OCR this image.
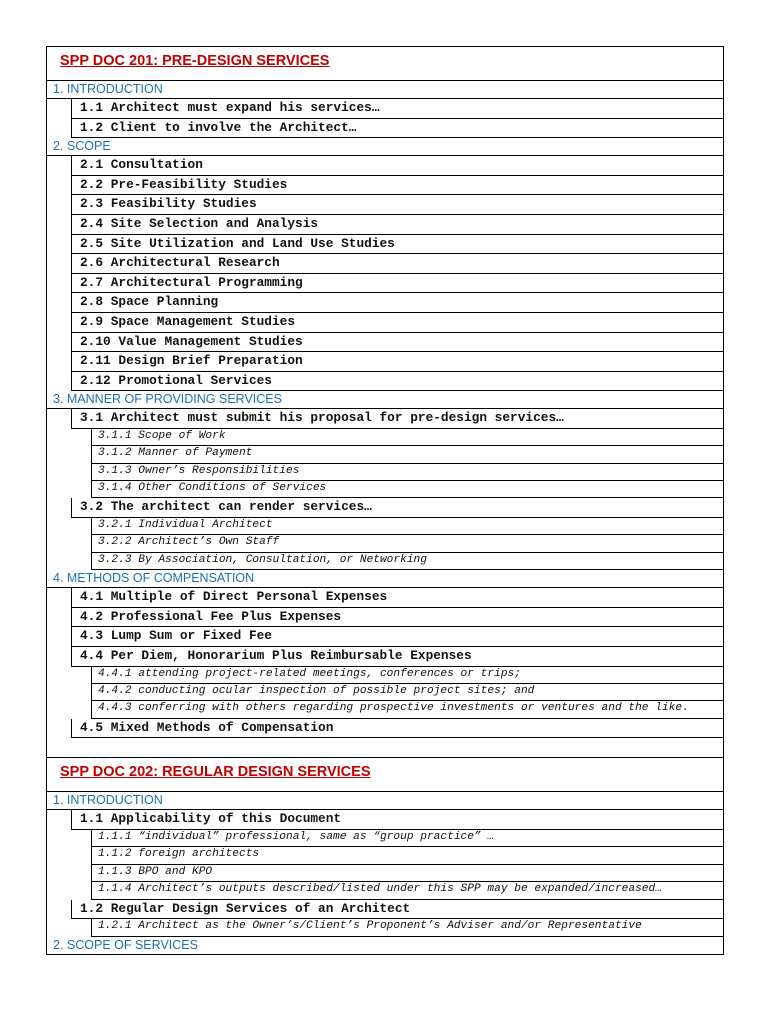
SPP DOC 201: PRE-DESIGN SERVICES
1. INTRODUCTION
1.1 Architect must expand his services…
1.2 Client to involve the Architect…
2. SCOPE
2.1 Consultation
2.2 Pre-Feasibility Studies
2.3 Feasibility Studies
2.4 Site Selection and Analysis
2.5 Site Utilization and Land Use Studies
2.6 Architectural Research
2.7 Architectural Programming
2.8 Space Planning
2.9 Space Management Studies
2.10 Value Management Studies
2.11 Design Brief Preparation
2.12 Promotional Services
3. MANNER OF PROVIDING SERVICES
3.1 Architect must submit his proposal for pre-design services…
3.1.1 Scope of Work
3.1.2 Manner of Payment
3.1.3 Owner’s Responsibilities
3.1.4 Other Conditions of Services
3.2 The architect can render services…
3.2.1 Individual Architect
3.2.2 Architect’s Own Staff
3.2.3 By Association, Consultation, or Networking
4. METHODS OF COMPENSATION
4.1 Multiple of Direct Personal Expenses
4.2 Professional Fee Plus Expenses
4.3 Lump Sum or Fixed Fee
4.4 Per Diem, Honorarium Plus Reimbursable Expenses
4.4.1 attending project-related meetings, conferences or trips;
4.4.2 conducting ocular inspection of possible project sites; and
4.4.3 conferring with others regarding prospective investments or ventures and the like.
4.5 Mixed Methods of Compensation
SPP DOC 202: REGULAR DESIGN SERVICES
1. INTRODUCTION
1.1 Applicability of this Document
1.1.1 “individual” professional, same as “group practice” …
1.1.2 foreign architects
1.1.3 BPO and KPO
1.1.4 Architect’s outputs described/listed under this SPP may be expanded/increased…
1.2 Regular Design Services of an Architect
1.2.1 Architect as the Owner’s/Client’s Proponent’s Adviser and/or Representative
2. SCOPE OF SERVICES
